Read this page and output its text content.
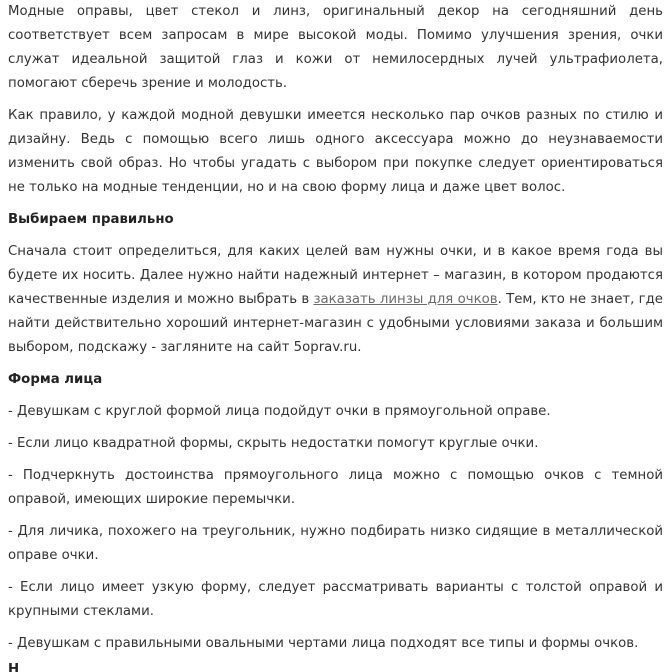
Модные оправы, цвет стекол и линз, оригинальный декор на сегодняшний день соответствует всем запросам в мире высокой моды. Помимо улучшения зрения, очки служат идеальной защитой глаз и кожи от немилосердных лучей ультрафиолета, помогают сберечь зрение и молодость.

Как правило, у каждой модной девушки имеется несколько пар очков разных по стилю и дизайну. Ведь с помощью всего лишь одного аксессуара можно до неузнаваемости изменить свой образ. Но чтобы угадать с выбором при покупке следует ориентироваться не только на модные тенденции, но и на свою форму лица и даже цвет волос.

Выбираем правильно

Сначала стоит определиться, для каких целей вам нужны очки, и в какое время года вы будете их носить. Далее нужно найти надежный интернет – магазин, в котором продаются качественные изделия и можно выбрать в заказать линзы для очков. Тем, кто не знает, где найти действительно хороший интернет-магазин с удобными условиями заказа и большим выбором, подскажу - загляните на сайт 5oprav.ru.

Форма лица

- Девушкам с круглой формой лица подойдут очки в прямоугольной оправе.

- Если лицо квадратной формы, скрыть недостатки помогут круглые очки.

- Подчеркнуть достоинства прямоугольного лица можно с помощью очков с темной оправой, имеющих широкие перемычки.

- Для личика, похожего на треугольник, нужно подбирать низко сидящие в металлической оправе очки.

- Если лицо имеет узкую форму, следует рассматривать варианты с толстой оправой и крупными стеклами.

- Девушкам с правильными овальными чертами лица подходят все типы и формы очков.

Н
